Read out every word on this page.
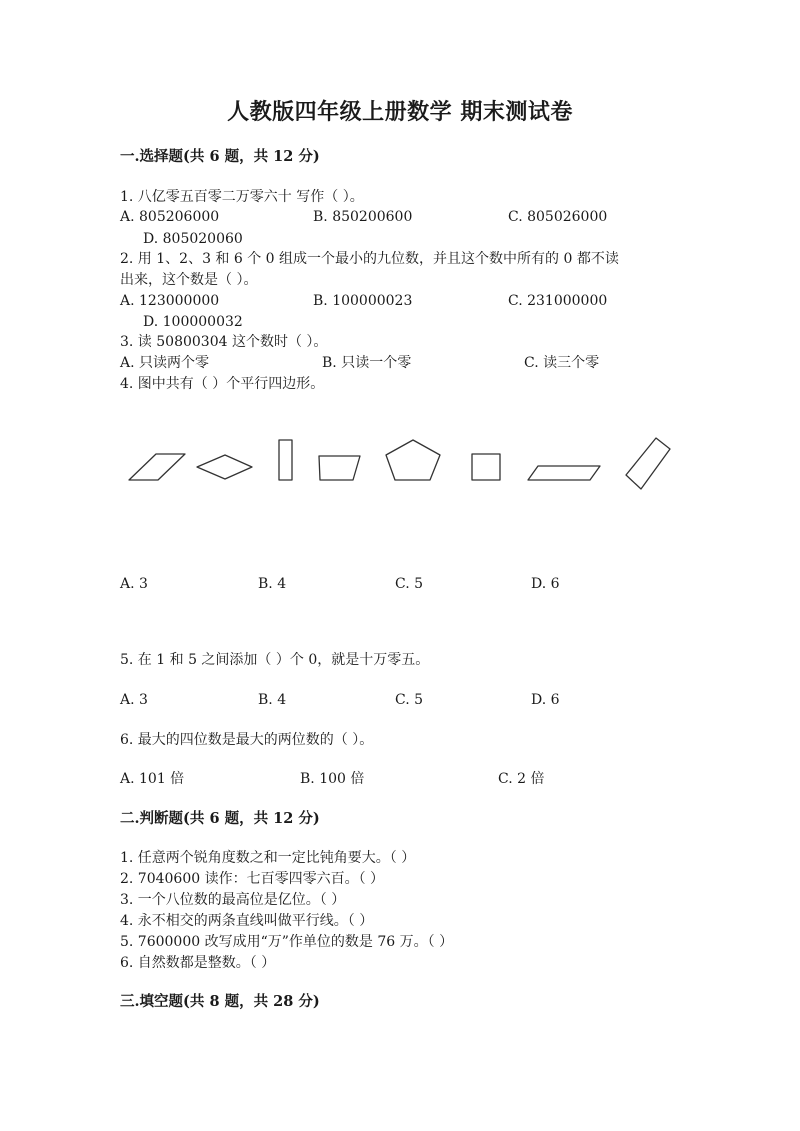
人教版四年级上册数学 期末测试卷
一.选择题(共 6 题，共 12 分)
1. 八亿零五百零二万零六十 写作（ ）。
A. 805206000	B. 850200600	C. 805026000
D. 805020060
2. 用 1、2、3 和 6 个 0 组成一个最小的九位数，并且这个数中所有的 0 都不读
出来，这个数是（ ）。
A. 123000000	B. 100000023	C. 231000000
D. 100000032
3. 读 50800304 这个数时（ ）。
A. 只读两个零	B. 只读一个零	C. 读三个零
4. 图中共有（ ）个平行四边形。
A. 3	B. 4	C. 5	D. 6
5. 在 1 和 5 之间添加（ ）个 0，就是十万零五。
A. 3	B. 4	C. 5	D. 6
6. 最大的四位数是最大的两位数的（ ）。
A. 101 倍	B. 100 倍	C. 2 倍
二.判断题(共 6 题，共 12 分)
1. 任意两个锐角度数之和一定比钝角要大。（ ）
2. 7040600 读作：七百零四零六百。（ ）
3. 一个八位数的最高位是亿位。（ ）
4. 永不相交的两条直线叫做平行线。（ ）
5. 7600000 改写成用“万”作单位的数是 76 万。（ ）
6. 自然数都是整数。（ ）
三.填空题(共 8 题，共 28 分)
